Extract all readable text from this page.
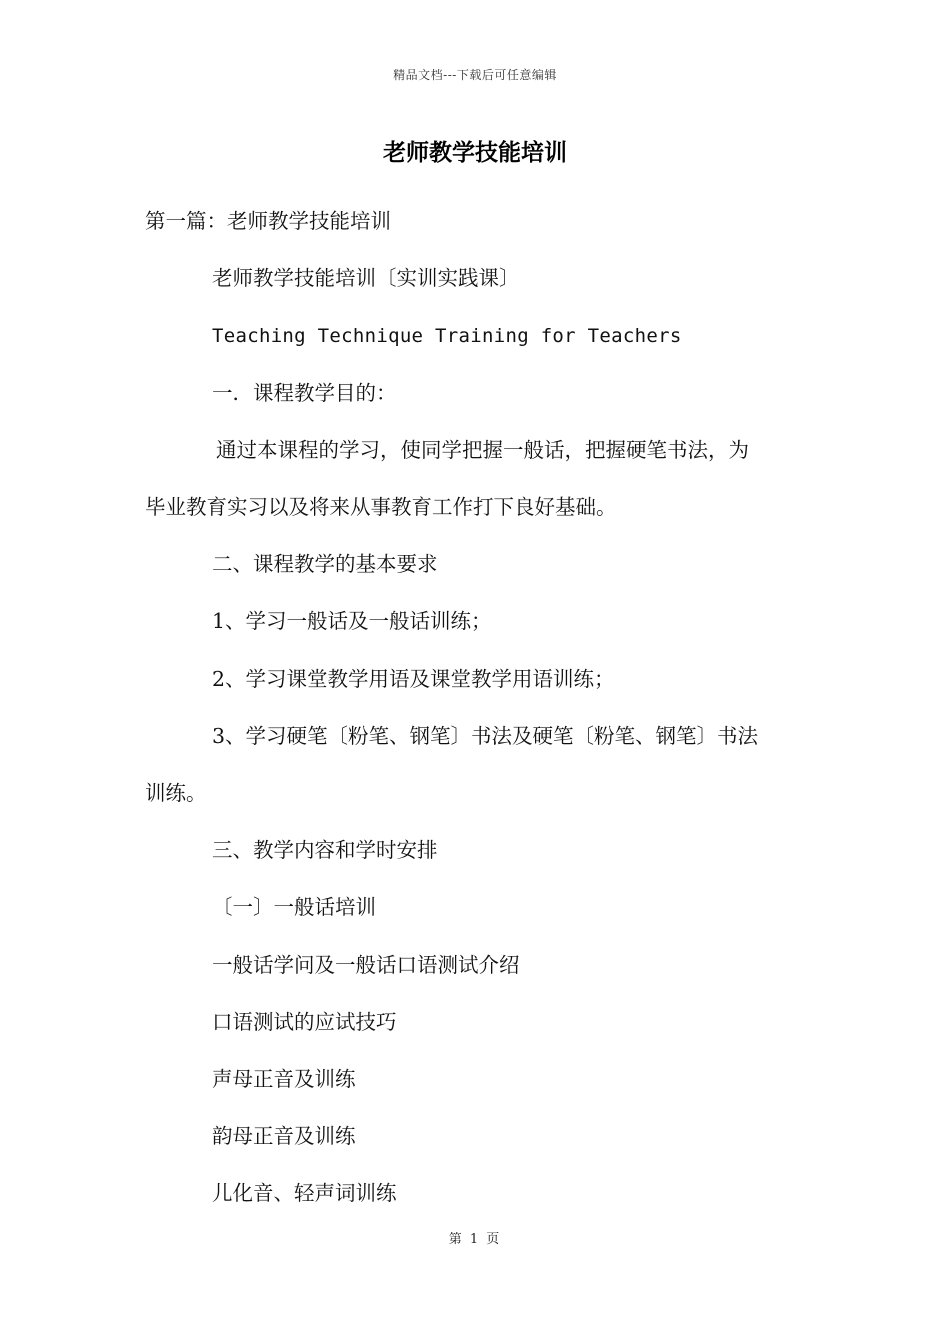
精品文档---下载后可任意编辑
老师教学技能培训
第一篇：老师教学技能培训
老师教学技能培训〔实训实践课〕
Teaching Technique Training for Teachers
一．课程教学目的：
通过本课程的学习，使同学把握一般话，把握硬笔书法，为
毕业教育实习以及将来从事教育工作打下良好基础。
二、课程教学的基本要求
1、学习一般话及一般话训练；
2、学习课堂教学用语及课堂教学用语训练；
3、学习硬笔〔粉笔、钢笔〕书法及硬笔〔粉笔、钢笔〕书法
训练。
三、教学内容和学时安排
〔一〕一般话培训
一般话学问及一般话口语测试介绍
口语测试的应试技巧
声母正音及训练
韵母正音及训练
儿化音、轻声词训练
第 1 页
